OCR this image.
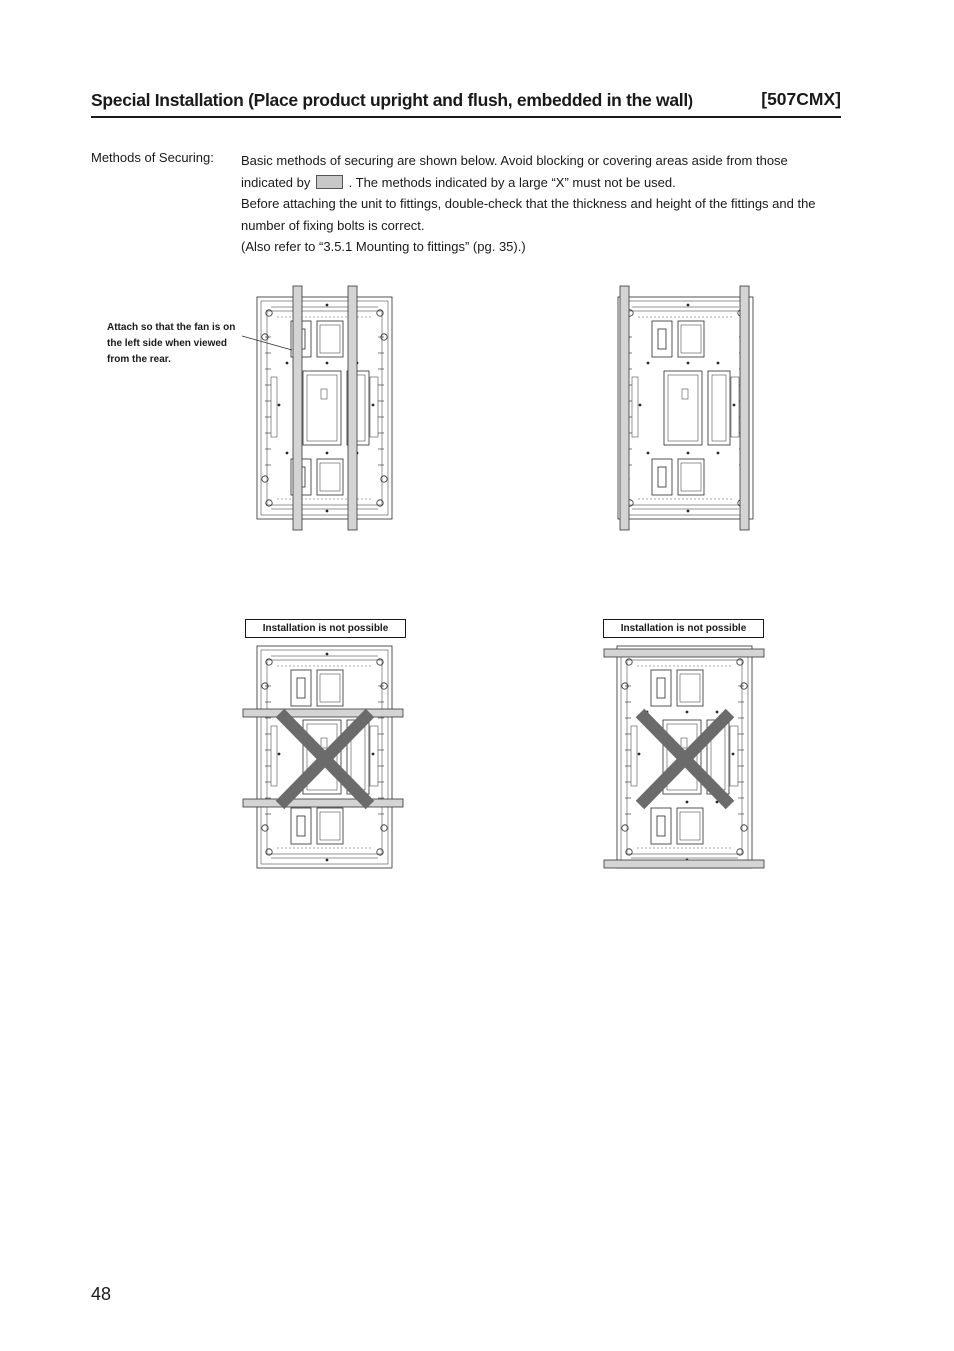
Special Installation (Place product upright and flush, embedded in the wall)	[507CMX]
Methods of Securing: Basic methods of securing are shown below. Avoid blocking or covering areas aside from those indicated by	. The methods indicated by a large “X” must not be used.

Before attaching the unit to fittings, double-check that the thickness and height of the fittings and the number of fixing bolts is correct.

(Also refer to “3.5.1 Mounting to fittings” (pg. 35).)

Attach so that the fan is on the left side when viewed from the rear.
Installation is not possible	Installation is not possible
48
